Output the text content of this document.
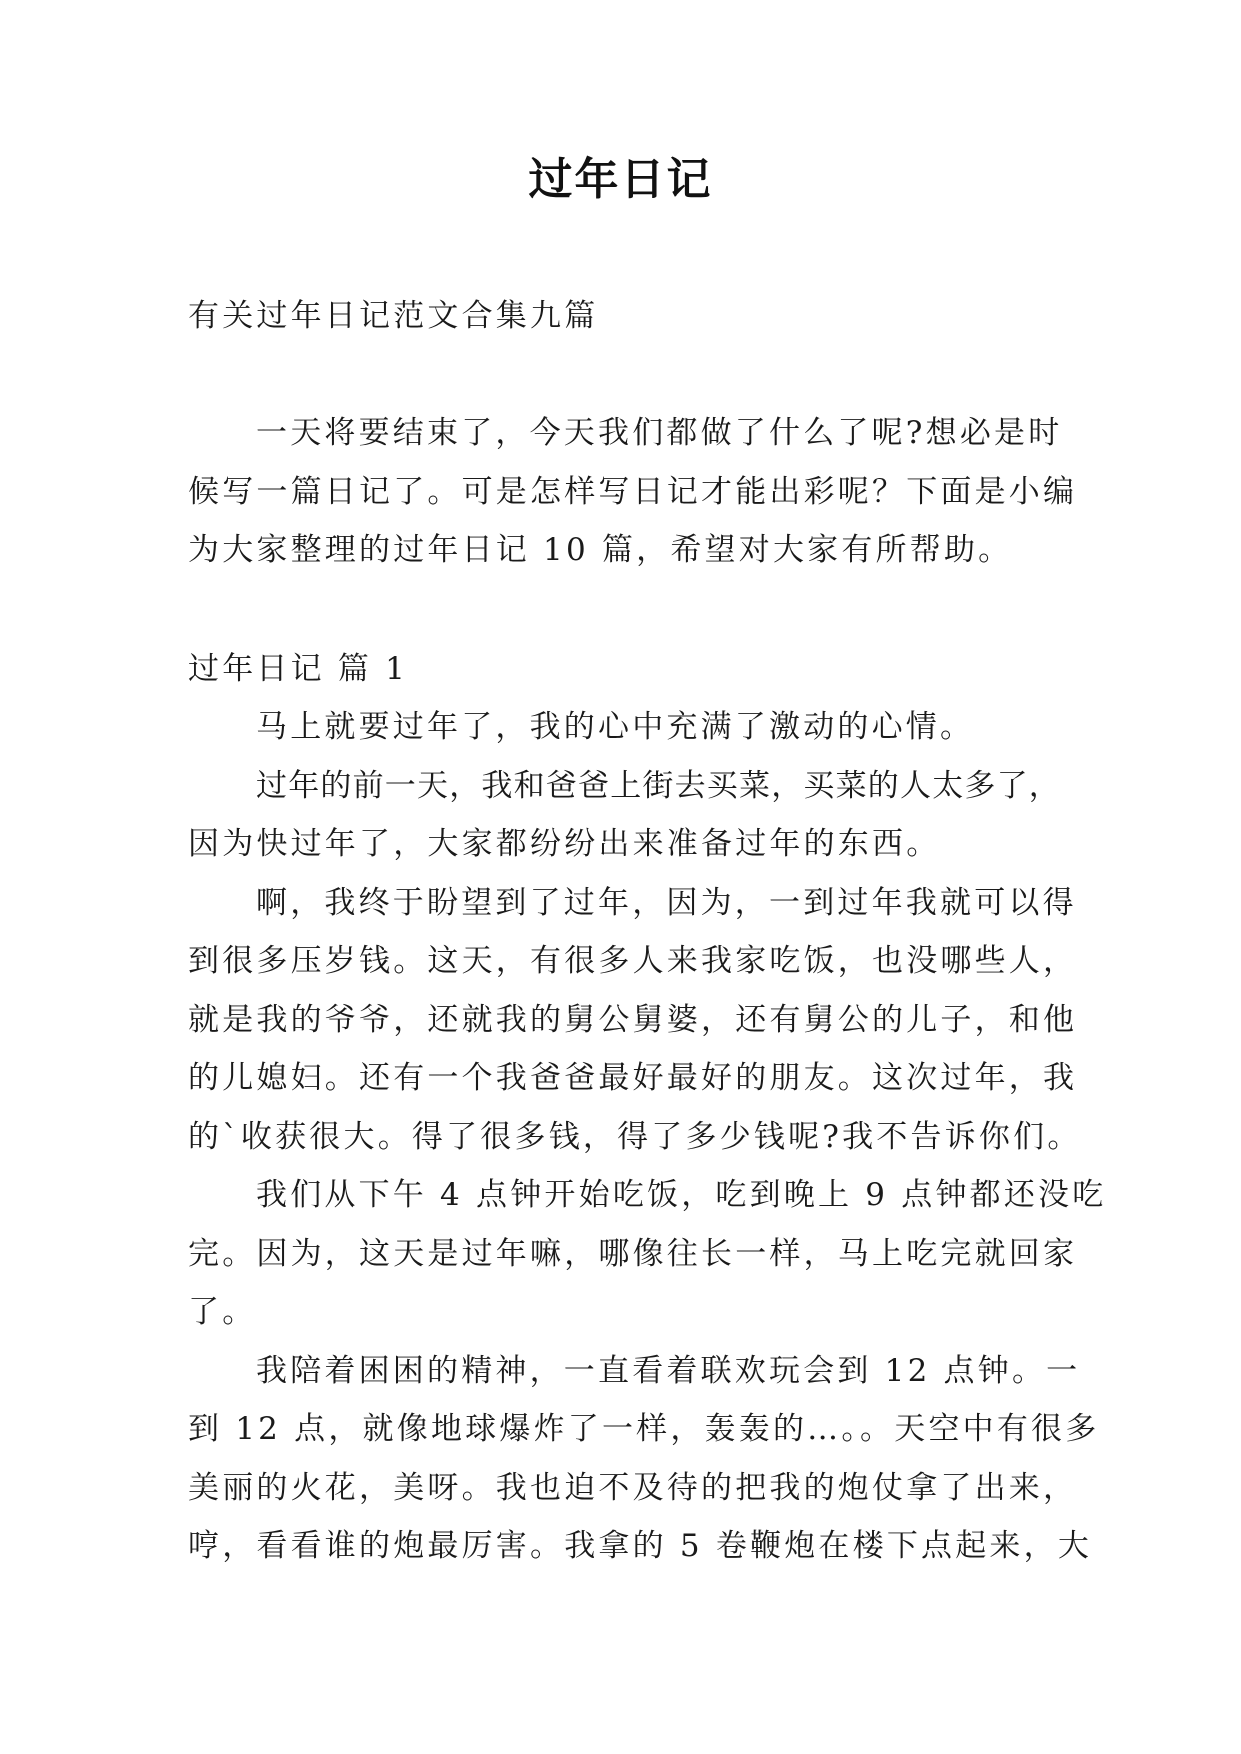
过年日记
有关过年日记范文合集九篇
一天将要结束了，今天我们都做了什么了呢?想必是时
候写一篇日记了。可是怎样写日记才能出彩呢？下面是小编
为大家整理的过年日记 10 篇，希望对大家有所帮助。
过年日记 篇 1
马上就要过年了，我的心中充满了激动的心情。
过年的前一天，我和爸爸上街去买菜，买菜的人太多了，
因为快过年了，大家都纷纷出来准备过年的东西。
啊，我终于盼望到了过年，因为，一到过年我就可以得
到很多压岁钱。这天，有很多人来我家吃饭，也没哪些人，
就是我的爷爷，还就我的舅公舅婆，还有舅公的儿子，和他
的儿媳妇。还有一个我爸爸最好最好的朋友。这次过年，我
的`收获很大。得了很多钱，得了多少钱呢?我不告诉你们。
我们从下午 4 点钟开始吃饭，吃到晚上 9 点钟都还没吃
完。因为，这天是过年嘛，哪像往长一样，马上吃完就回家
了。
我陪着困困的精神，一直看着联欢玩会到 12 点钟。一
到 12 点，就像地球爆炸了一样，轰轰的…。。天空中有很多
美丽的火花，美呀。我也迫不及待的把我的炮仗拿了出来，
哼，看看谁的炮最厉害。我拿的 5 卷鞭炮在楼下点起来，大
